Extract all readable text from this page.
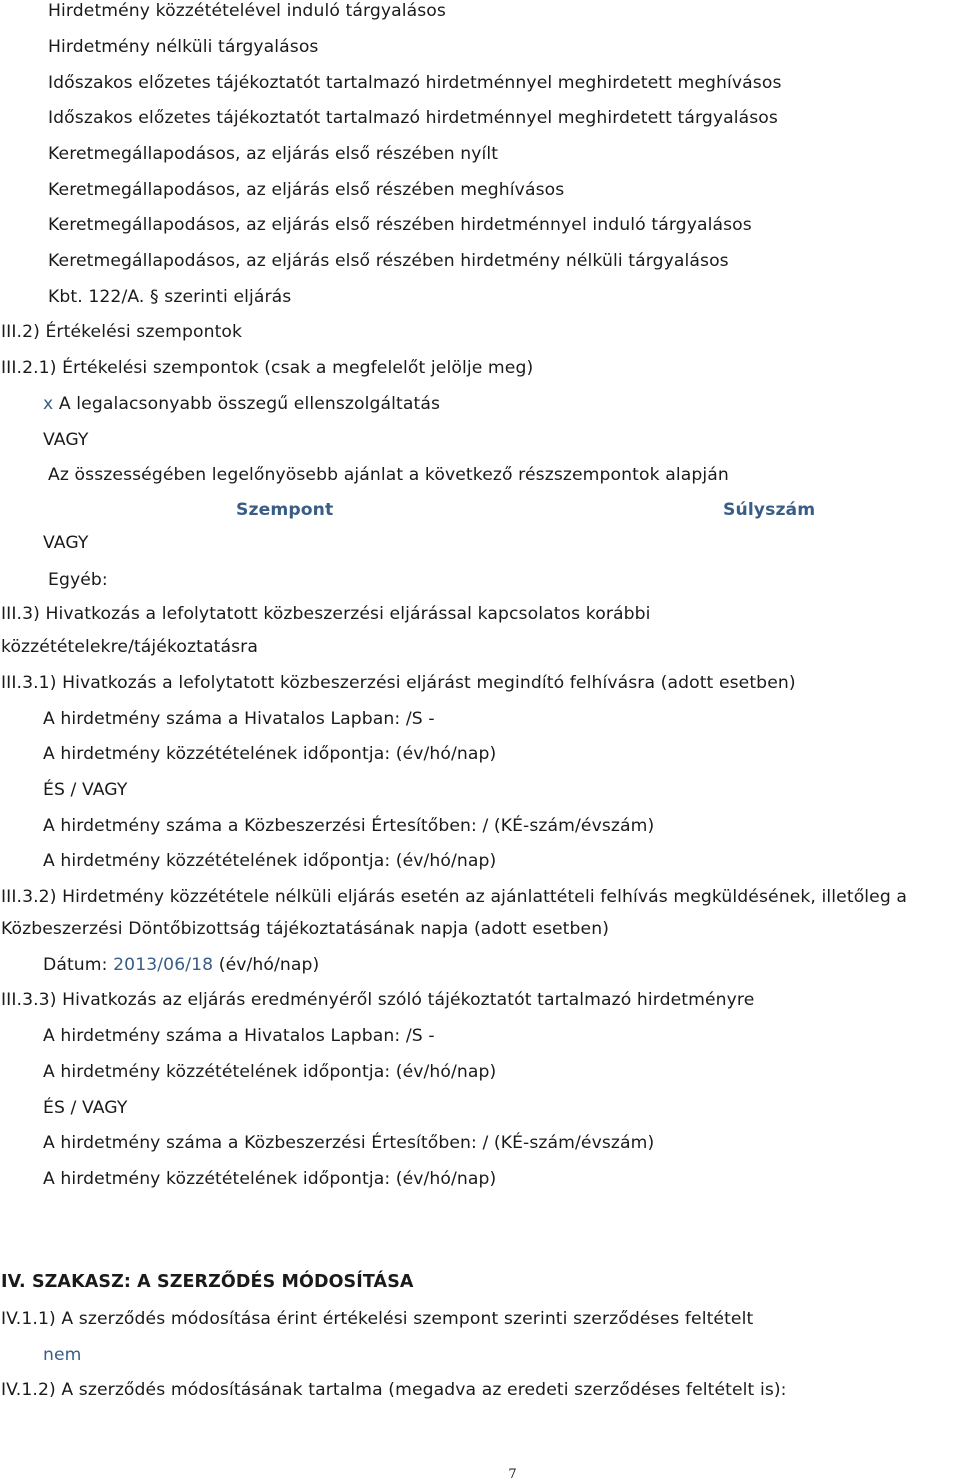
Hirdetmény közzétételével induló tárgyalásos
Hirdetmény nélküli tárgyalásos
Időszakos előzetes tájékoztatót tartalmazó hirdetménnyel meghirdetett meghívásos
Időszakos előzetes tájékoztatót tartalmazó hirdetménnyel meghirdetett tárgyalásos
Keretmegállapodásos, az eljárás első részében nyílt
Keretmegállapodásos, az eljárás első részében meghívásos
Keretmegállapodásos, az eljárás első részében hirdetménnyel induló tárgyalásos
Keretmegállapodásos, az eljárás első részében hirdetmény nélküli tárgyalásos
Kbt. 122/A. § szerinti eljárás
III.2) Értékelési szempontok
III.2.1) Értékelési szempontok (csak a megfelelőt jelölje meg)
x A legalacsonyabb összegű ellenszolgáltatás
VAGY
Az összességében legelőnyösebb ajánlat a következő részszempontok alapján
Szempont	Súlyszám
VAGY
Egyéb:
III.3) Hivatkozás a lefolytatott közbeszerzési eljárással kapcsolatos korábbi
közzétételekre/tájékoztatásra
III.3.1) Hivatkozás a lefolytatott közbeszerzési eljárást megindító felhívásra (adott esetben)
A hirdetmény száma a Hivatalos Lapban: /S -
A hirdetmény közzétételének időpontja: (év/hó/nap)
ÉS / VAGY
A hirdetmény száma a Közbeszerzési Értesítőben: / (KÉ-szám/évszám)
A hirdetmény közzétételének időpontja: (év/hó/nap)
III.3.2) Hirdetmény közzététele nélküli eljárás esetén az ajánlattételi felhívás megküldésének, illetőleg a
Közbeszerzési Döntőbizottság tájékoztatásának napja (adott esetben)
Dátum: 2013/06/18 (év/hó/nap)
III.3.3) Hivatkozás az eljárás eredményéről szóló tájékoztatót tartalmazó hirdetményre
A hirdetmény száma a Hivatalos Lapban: /S -
A hirdetmény közzétételének időpontja: (év/hó/nap)
ÉS / VAGY
A hirdetmény száma a Közbeszerzési Értesítőben: / (KÉ-szám/évszám)
A hirdetmény közzétételének időpontja: (év/hó/nap)
IV. SZAKASZ: A SZERZŐDÉS MÓDOSÍTÁSA
IV.1.1) A szerződés módosítása érint értékelési szempont szerinti szerződéses feltételt
nem
IV.1.2) A szerződés módosításának tartalma (megadva az eredeti szerződéses feltételt is):
7
